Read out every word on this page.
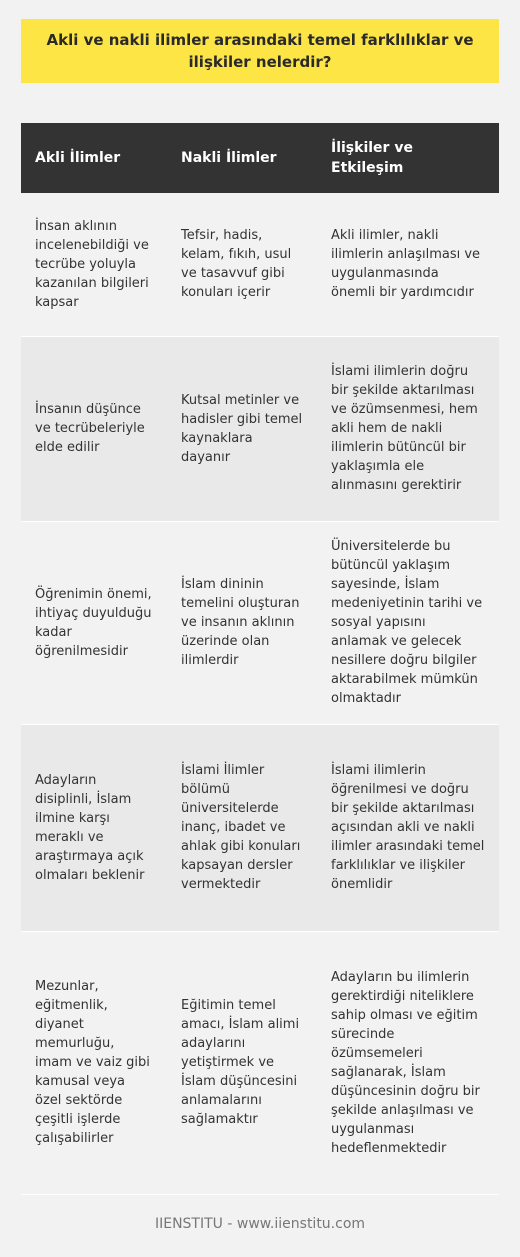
Akli ve nakli ilimler arasındaki temel farklılıklar ve ilişkiler nelerdir?
Akli İlimler	Nakli İlimler	İlişkiler ve Etkileşim
İnsan aklının incelenebildiği ve tecrübe yoluyla kazanılan bilgileri kapsar	Tefsir, hadis, kelam, fıkıh, usul ve tasavvuf gibi konuları içerir	Akli ilimler, nakli ilimlerin anlaşılması ve uygulanmasında önemli bir yardımcıdır
İnsanın düşünce ve tecrübeleriyle elde edilir	Kutsal metinler ve hadisler gibi temel kaynaklara dayanır	İslami ilimlerin doğru bir şekilde aktarılması ve özümsenmesi, hem akli hem de nakli ilimlerin bütüncül bir yaklaşımla ele alınmasını gerektirir
Öğrenimin önemi, ihtiyaç duyulduğu kadar öğrenilmesidir	İslam dininin temelini oluşturan ve insanın aklının üzerinde olan ilimlerdir	Üniversitelerde bu bütüncül yaklaşım sayesinde, İslam medeniyetinin tarihi ve sosyal yapısını anlamak ve gelecek nesillere doğru bilgiler aktarabilmek mümkün olmaktadır
Adayların disiplinli, İslam ilmine karşı meraklı ve araştırmaya açık olmaları beklenir	İslami İlimler bölümü üniversitelerde inanç, ibadet ve ahlak gibi konuları kapsayan dersler vermektedir	İslami ilimlerin öğrenilmesi ve doğru bir şekilde aktarılması açısından akli ve nakli ilimler arasındaki temel farklılıklar ve ilişkiler önemlidir
Mezunlar, eğitmenlik, diyanet memurluğu, imam ve vaiz gibi kamusal veya özel sektörde çeşitli işlerde çalışabilirler	Eğitimin temel amacı, İslam alimi adaylarını yetiştirmek ve İslam düşüncesini anlamalarını sağlamaktır	Adayların bu ilimlerin gerektirdiği niteliklere sahip olması ve eğitim sürecinde özümsemeleri sağlanarak, İslam düşüncesinin doğru bir şekilde anlaşılması ve uygulanması hedeflenmektedir
IIENSTITU - www.iienstitu.com
